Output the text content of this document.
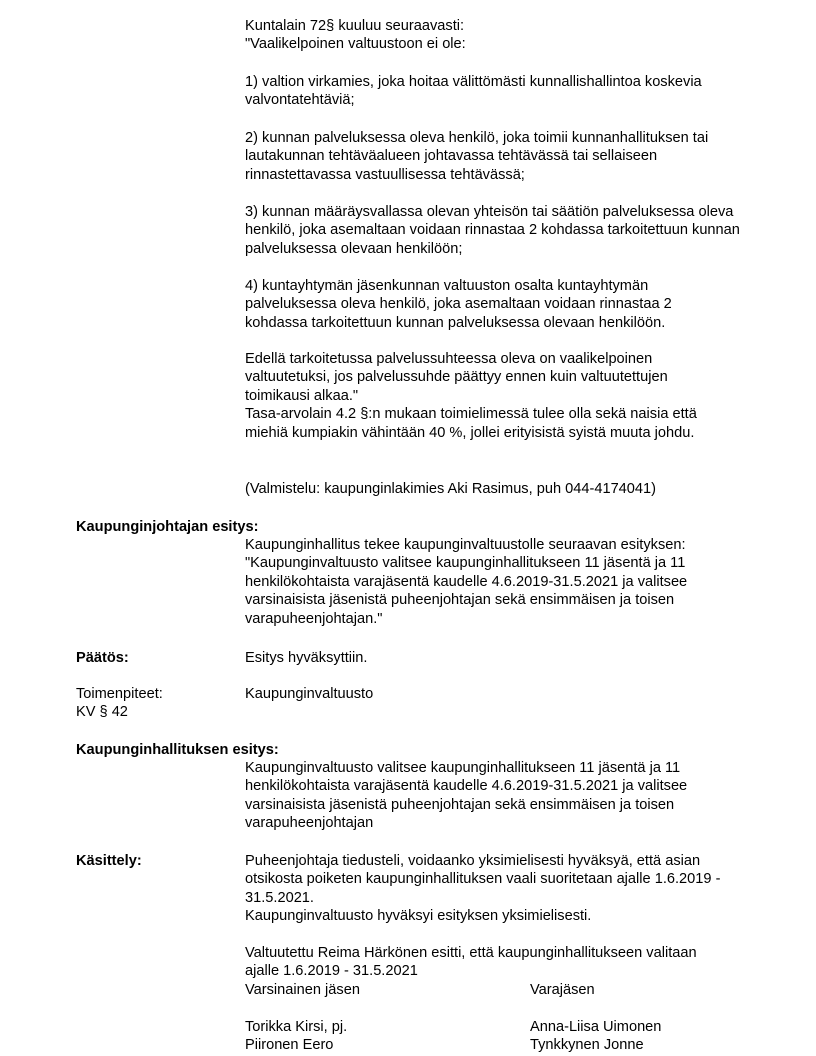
Kuntalain 72§ kuuluu seuraavasti:

"Vaalikelpoinen valtuustoon ei ole:

1) valtion virkamies, joka hoitaa välittömästi kunnallishallintoa koskevia valvontatehtäviä;

2) kunnan palveluksessa oleva henkilö, joka toimii kunnanhallituksen tai lautakunnan tehtäväalueen johtavassa tehtävässä tai sellaiseen rinnastettavassa vastuullisessa tehtävässä;

3) kunnan määräysvallassa olevan yhteisön tai säätiön palveluksessa oleva henkilö, joka asemaltaan voidaan rinnastaa 2 kohdassa tarkoitettuun kunnan palveluksessa olevaan henkilöön;

4) kuntayhtymän jäsenkunnan valtuuston osalta kuntayhtymän palveluksessa oleva henkilö, joka asemaltaan voidaan rinnastaa 2 kohdassa tarkoitettuun kunnan palveluksessa olevaan henkilöön.

Edellä tarkoitetussa palvelussuhteessa oleva on vaalikelpoinen valtuutetuksi, jos palvelussuhde päättyy ennen kuin valtuutettujen toimikausi alkaa."

Tasa-arvolain 4.2 §:n mukaan toimielimessä tulee olla sekä naisia että miehiä kumpiakin vähintään 40 %, jollei erityisistä syistä muuta johdu.

(Valmistelu: kaupunginlakimies Aki Rasimus, puh 044-4174041)

Kaupunginjohtajan esitys:

Kaupunginhallitus tekee kaupunginvaltuustolle seuraavan esityksen: "Kaupunginvaltuusto valitsee kaupunginhallitukseen 11 jäsentä ja 11 henkilökohtaista varajäsentä kaudelle 4.6.2019-31.5.2021 ja valitsee varsinaisista jäsenistä puheenjohtajan sekä ensimmäisen ja toisen varapuheenjohtajan."

Päätös:	Esitys hyväksyttiin.

Toimenpiteet:
KV § 42

Kaupunginvaltuusto

Kaupunginhallituksen esitys:

Kaupunginvaltuusto valitsee kaupunginhallitukseen 11 jäsentä ja 11 henkilökohtaista varajäsentä kaudelle 4.6.2019-31.5.2021 ja valitsee varsinaisista jäsenistä puheenjohtajan sekä ensimmäisen ja toisen varapuheenjohtajan

Käsittely:	Puheenjohtaja tiedusteli, voidaanko yksimielisesti hyväksyä, että asian otsikosta poiketen kaupunginhallituksen vaali suoritetaan ajalle 1.6.2019 - 31.5.2021.

Kaupunginvaltuusto hyväksyi esityksen yksimielisesti.

Valtuutettu Reima Härkönen esitti, että kaupunginhallitukseen valitaan ajalle 1.6.2019 - 31.5.2021

Varsinainen jäsen	Varajäsen

Torikka Kirsi, pj.	Anna-Liisa Uimonen

Piironen Eero	Tynkkynen Jonne
